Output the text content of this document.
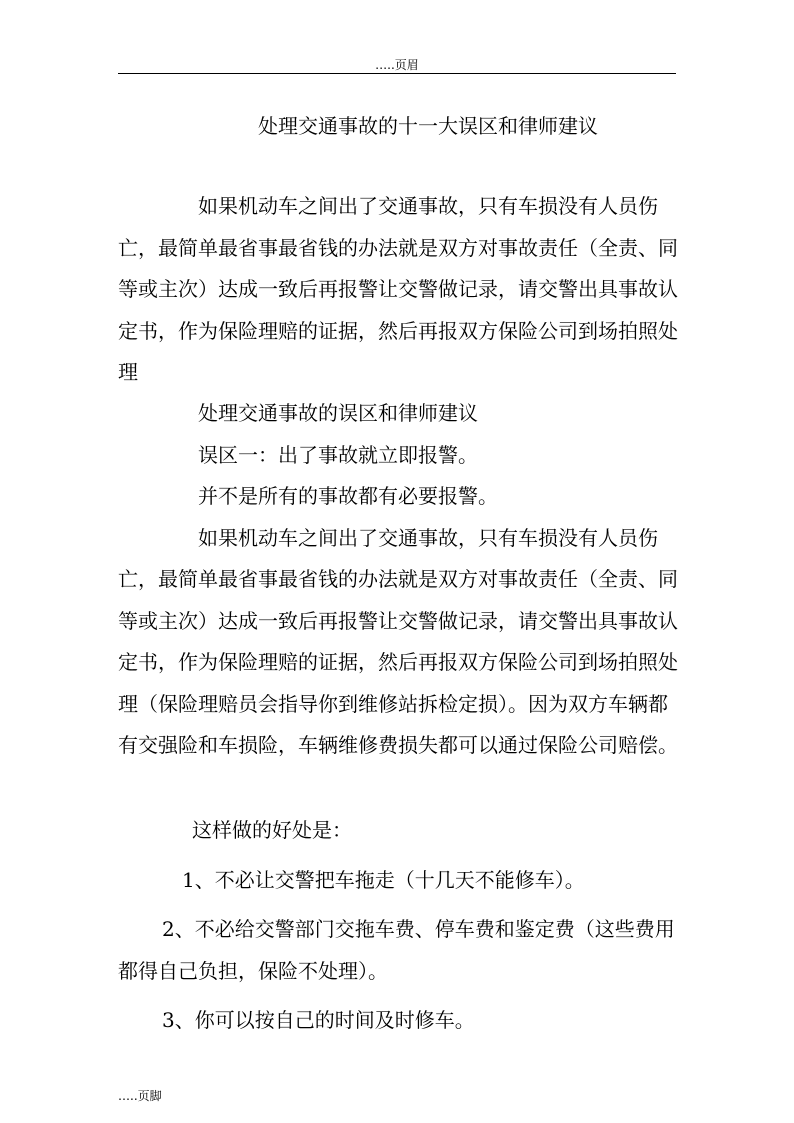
…..页眉
处理交通事故的十一大误区和律师建议

如果机动车之间出了交通事故，只有车损没有人员伤亡，最简单最省事最省钱的办法就是双方对事故责任（全责、同等或主次）达成一致后再报警让交警做记录，请交警出具事故认定书，作为保险理赔的证据，然后再报双方保险公司到场拍照处理

处理交通事故的误区和律师建议

误区一：出了事故就立即报警。

并不是所有的事故都有必要报警。

如果机动车之间出了交通事故，只有车损没有人员伤亡，最简单最省事最省钱的办法就是双方对事故责任（全责、同等或主次）达成一致后再报警让交警做记录，请交警出具事故认定书，作为保险理赔的证据，然后再报双方保险公司到场拍照处理（保险理赔员会指导你到维修站拆检定损）。因为双方车辆都有交强险和车损险，车辆维修费损失都可以通过保险公司赔偿。

这样做的好处是：

1、不必让交警把车拖走（十几天不能修车）。

2、不必给交警部门交拖车费、停车费和鉴定费（这些费用都得自己负担，保险不处理）。

3、你可以按自己的时间及时修车。

…..页脚
